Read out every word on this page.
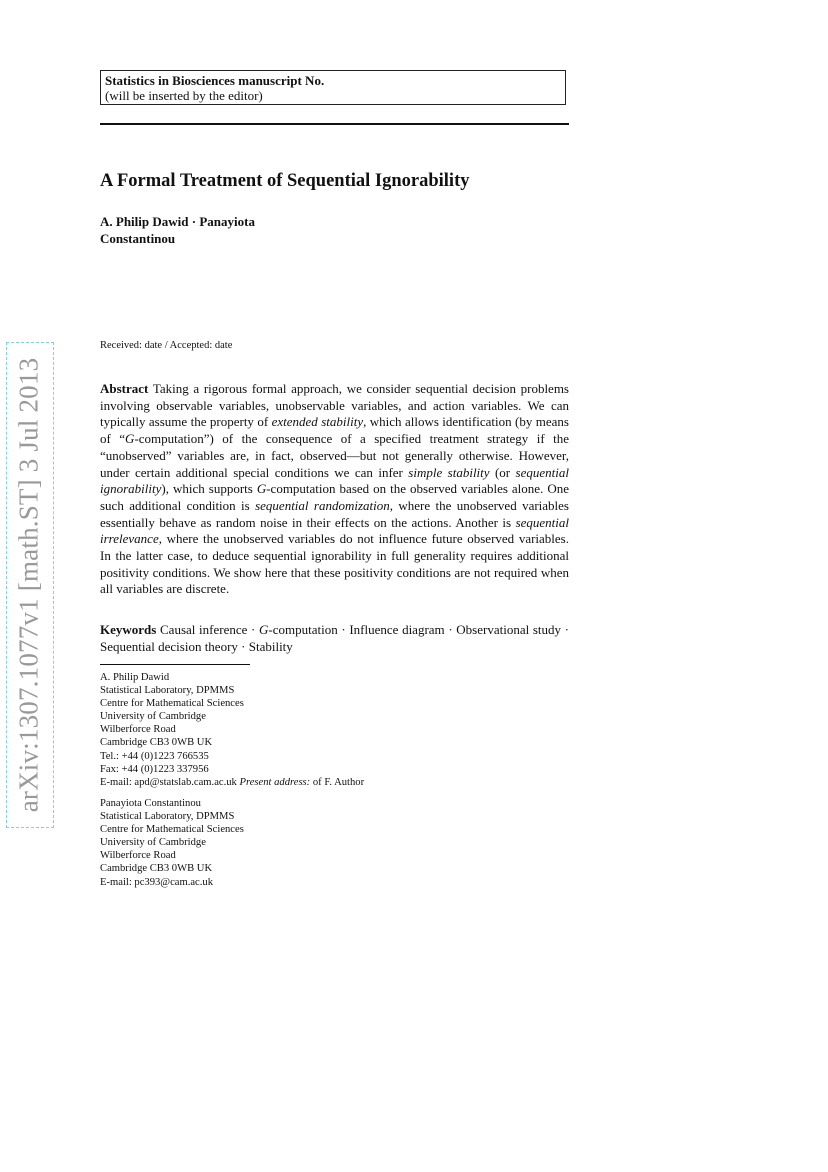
Statistics in Biosciences manuscript No.
(will be inserted by the editor)
A Formal Treatment of Sequential Ignorability
A. Philip Dawid · Panayiota
Constantinou
Received: date / Accepted: date
Abstract Taking a rigorous formal approach, we consider sequential decision problems involving observable variables, unobservable variables, and action variables. We can typically assume the property of extended stability, which allows identification (by means of “G-computation”) of the consequence of a specified treatment strategy if the “unobserved” variables are, in fact, observed—but not generally otherwise. However, under certain additional special conditions we can infer simple stability (or sequential ignorability), which supports G-computation based on the observed variables alone. One such additional condition is sequential randomization, where the unobserved variables essentially behave as random noise in their effects on the actions. Another is sequential irrelevance, where the unobserved variables do not influence future observed variables. In the latter case, to deduce sequential ignorability in full generality requires additional positivity conditions. We show here that these positivity conditions are not required when all variables are discrete.
Keywords Causal inference · G-computation · Influence diagram · Observational study · Sequential decision theory · Stability
A. Philip Dawid
Statistical Laboratory, DPMMS
Centre for Mathematical Sciences
University of Cambridge
Wilberforce Road
Cambridge CB3 0WB UK
Tel.: +44 (0)1223 766535
Fax: +44 (0)1223 337956
E-mail: apd@statslab.cam.ac.uk Present address: of F. Author
Panayiota Constantinou
Statistical Laboratory, DPMMS
Centre for Mathematical Sciences
University of Cambridge
Wilberforce Road
Cambridge CB3 0WB UK
E-mail: pc393@cam.ac.uk
arXiv:1307.1077v1 [math.ST] 3 Jul 2013
